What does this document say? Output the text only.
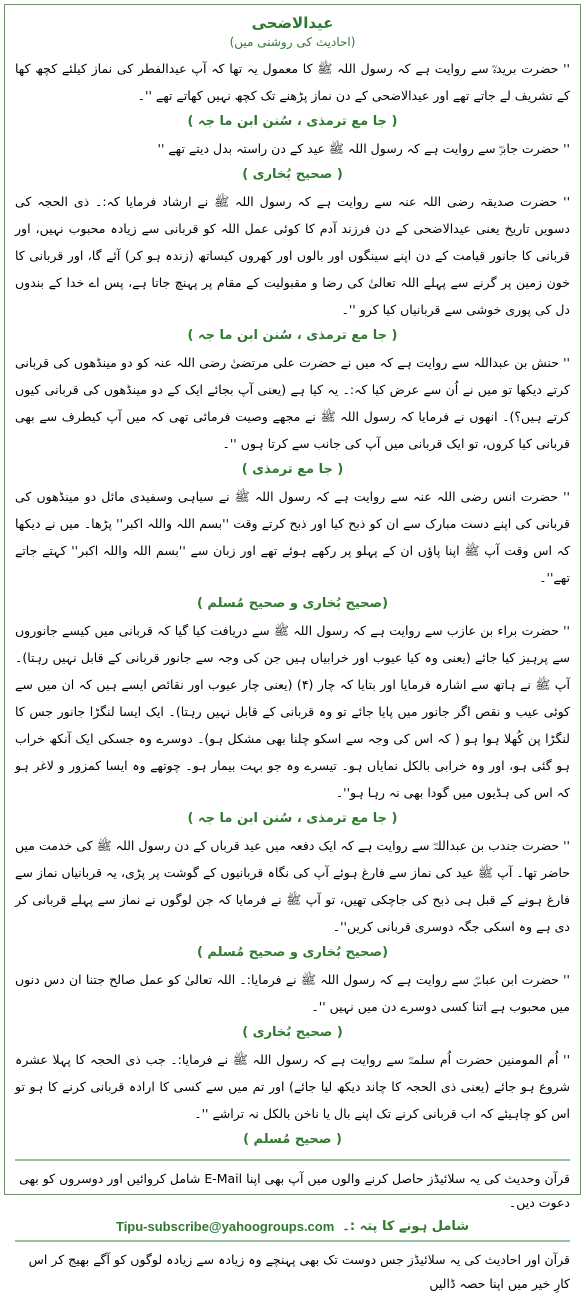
عیدالاضحی

(احادیث کی روشنی میں)

'' حضرت بریدہؓ سے روایت ہے کہ رسول اللہ ﷺ کا معمول یہ تھا کہ آپ عیدالفطر کی نماز کیلئے کچھ کھا کے تشریف لے جاتے تھے اور عیدالاضحی کے دن نماز پڑھنے تک کچھ نہیں کھاتے تھے ''۔

( جا مع ترمذی ، سُنن ابن ما جہ )

'' حضرت جابرؓ سے روایت ہے کہ رسول اللہ ﷺ عید کے دن راستہ بدل دیتے تھے ''

( صحیح بُخاری )

'' حضرت صدیقہ رضی اللہ عنہ سے روایت ہے کہ رسول اللہ ﷺ نے ارشاد فرمایا کہ:۔ ذی الحجہ کی دسویں تاریخ یعنی عیدالاضحی کے دن فرزند آدم کا کوئی عمل اللہ کو قربانی سے زیادہ محبوب نہیں، اور قربانی کا جانور قیامت کے دن اپنے سینگوں اور بالوں اور کھروں کیساتھ (زندہ ہو کر) آئے گا، اور قربانی کا خون زمین پر گرنے سے پہلے اللہ تعالیٰ کی رضا و مقبولیت کے مقام پر پہنچ جاتا ہے، پس اے خدا کے بندوں دل کی پوری خوشی سے قربانیاں کیا کرو ''۔

( جا مع ترمذی ، سُنن ابن ما جہ )

'' حنش بن عبداللہ سے روایت ہے کہ میں نے حضرت علی مرتضیٰ رضی اللہ عنہ کو دو مینڈھوں کی قربانی کرتے دیکھا تو میں نے اُن سے عرض کیا کہ:۔ یہ کیا ہے (یعنی آپ بجائے ایک کے دو مینڈھوں کی قربانی کیوں کرتے ہیں؟)۔ انھوں نے فرمایا کہ رسول اللہ ﷺ نے مجھے وصیت فرمائی تھی کہ میں آپ کیطرف سے بھی قربانی کیا کروں، تو ایک قربانی میں آپ کی جانب سے کرتا ہوں ''۔

( جا مع ترمذی )

'' حضرت انس رضی اللہ عنہ سے روایت ہے کہ رسول اللہ ﷺ نے سیاہی وسفیدی مائل دو مینڈھوں کی قربانی کی اپنے دست مبارک سے ان کو ذبح کیا اور ذبح کرتے وقت ''بسم اللہ واللہ اکبر'' پڑھا۔ میں نے دیکھا کہ اس وقت آپ ﷺ اپنا پاؤں ان کے پہلو پر رکھے ہوئے تھے اور زبان سے ''بسم اللہ واللہ اکبر'' کہتے جاتے تھے''۔

(صحیح بُخاری و صحیح مُسلم )

'' حضرت براء بن عازب سے روایت ہے کہ رسول اللہ ﷺ سے دریافت کیا گیا کہ قربانی میں کیسے جانوروں سے پرہیز کیا جائے (یعنی وہ کیا عیوب اور خرابیاں ہیں جن کی وجہ سے جانور قربانی کے قابل نہیں رہتا)۔ آپ ﷺ نے ہاتھ سے اشارہ فرمایا اور بتایا کہ چار (۴) (یعنی چار عیوب اور نقائص ایسے ہیں کہ ان میں سے کوئی عیب و نقص اگر جانور میں پایا جائے تو وہ قربانی کے قابل نہیں رہتا)۔ ایک ایسا لنگڑا جانور جس کا لنگڑا پن کُھلا ہوا ہو ( کہ اس کی وجہ سے اسکو چلنا بھی مشکل ہو)۔ دوسرے وہ جسکی ایک آنکھ خراب ہو گئی ہو، اور وہ خرابی بالکل نمایاں ہو۔ تیسرے وہ جو بہت بیمار ہو۔ چوتھے وہ ایسا کمزور و لاغر ہو کہ اس کی ہڈیوں میں گودا بھی نہ رہا ہو''۔

( جا مع ترمذی ، سُنن ابن ما جہ )

'' حضرت جندب بن عبداللہؓ سے روایت ہے کہ ایک دفعہ میں عید قرباں کے دن رسول اللہ ﷺ کی خدمت میں حاضر تھا۔ آپ ﷺ عید کی نماز سے فارغ ہوئے آپ کی نگاہ قربانیوں کے گوشت پر پڑی، یہ قربانیاں نماز سے فارغ ہونے کے قبل ہی ذبح کی جاچکی تھیں، تو آپ ﷺ نے فرمایا کہ جن لوگوں نے نماز سے پہلے قربانی کر دی ہے وہ اسکی جگہ دوسری قربانی کریں''۔

(صحیح بُخاری و صحیح مُسلم )

'' حضرت ابن عباسؓ سے روایت ہے کہ رسول اللہ ﷺ نے فرمایا:۔ اللہ تعالیٰ کو عمل صالح جتنا ان دس دنوں میں محبوب ہے اتنا کسی دوسرے دن میں نہیں ''۔

( صحیح بُخاری )

'' اُم المومنین حضرت اُم سلمہؓ سے روایت ہے کہ رسول اللہ ﷺ نے فرمایا:۔ جب ذی الحجہ کا پہلا عشرہ شروع ہو جائے (یعنی ذی الحجہ کا چاند دیکھ لیا جائے) اور تم میں سے کسی کا ارادہ قربانی کرنے کا ہو تو اس کو چاہیئے کہ اب قربانی کرنے تک اپنے بال یا ناخن بالکل نہ تراشے ''۔

( صحیح مُسلم )

قرآن وحدیث کی یہ سلائیڈز حاصل کرنے والوں میں آپ بھی اپنا E-Mail شامل کروائیں اور دوسروں کو بھی دعوت دیں۔

شامل ہونے کا پتہ :۔
Tipu-subscribe@yahoogroups.com

قرآن اور احادیث کی یہ سلائیڈز جس دوست تک بھی پہنچے وہ زیادہ سے زیادہ لوگوں کو آگے بھیج کر اس کارِ خیر میں اپنا حصہ ڈالیں
